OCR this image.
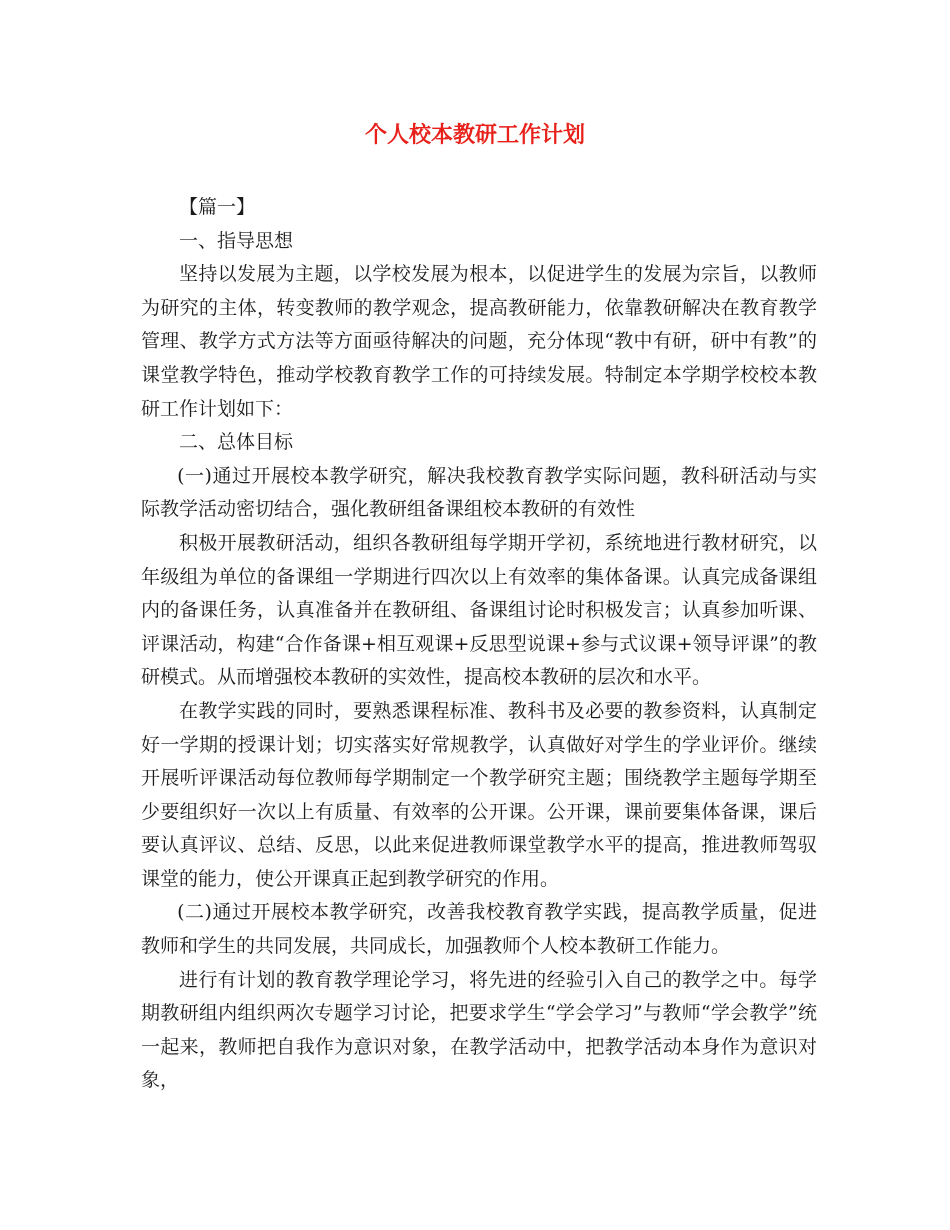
个人校本教研工作计划

【篇一】

一、指导思想

坚持以发展为主题，以学校发展为根本，以促进学生的发展为宗旨，以教师为研究的主体，转变教师的教学观念，提高教研能力，依靠教研解决在教育教学管理、教学方式方法等方面亟待解决的问题，充分体现“教中有研，研中有教”的课堂教学特色，推动学校教育教学工作的可持续发展。特制定本学期学校校本教研工作计划如下：

二、总体目标

(一)通过开展校本教学研究，解决我校教育教学实际问题，教科研活动与实际教学活动密切结合，强化教研组备课组校本教研的有效性

积极开展教研活动，组织各教研组每学期开学初，系统地进行教材研究，以年级组为单位的备课组一学期进行四次以上有效率的集体备课。认真完成备课组内的备课任务，认真准备并在教研组、备课组讨论时积极发言；认真参加听课、评课活动，构建“合作备课+相互观课+反思型说课+参与式议课+领导评课”的教研模式。从而增强校本教研的实效性，提高校本教研的层次和水平。

在教学实践的同时，要熟悉课程标准、教科书及必要的教参资料，认真制定好一学期的授课计划；切实落实好常规教学，认真做好对学生的学业评价。继续开展听评课活动每位教师每学期制定一个教学研究主题；围绕教学主题每学期至少要组织好一次以上有质量、有效率的公开课。公开课，课前要集体备课，课后要认真评议、总结、反思，以此来促进教师课堂教学水平的提高，推进教师驾驭课堂的能力，使公开课真正起到教学研究的作用。

(二)通过开展校本教学研究，改善我校教育教学实践，提高教学质量，促进教师和学生的共同发展，共同成长，加强教师个人校本教研工作能力。

进行有计划的教育教学理论学习，将先进的经验引入自己的教学之中。每学期教研组内组织两次专题学习讨论，把要求学生“学会学习”与教师“学会教学”统一起来，教师把自我作为意识对象，在教学活动中，把教学活动本身作为意识对象，
